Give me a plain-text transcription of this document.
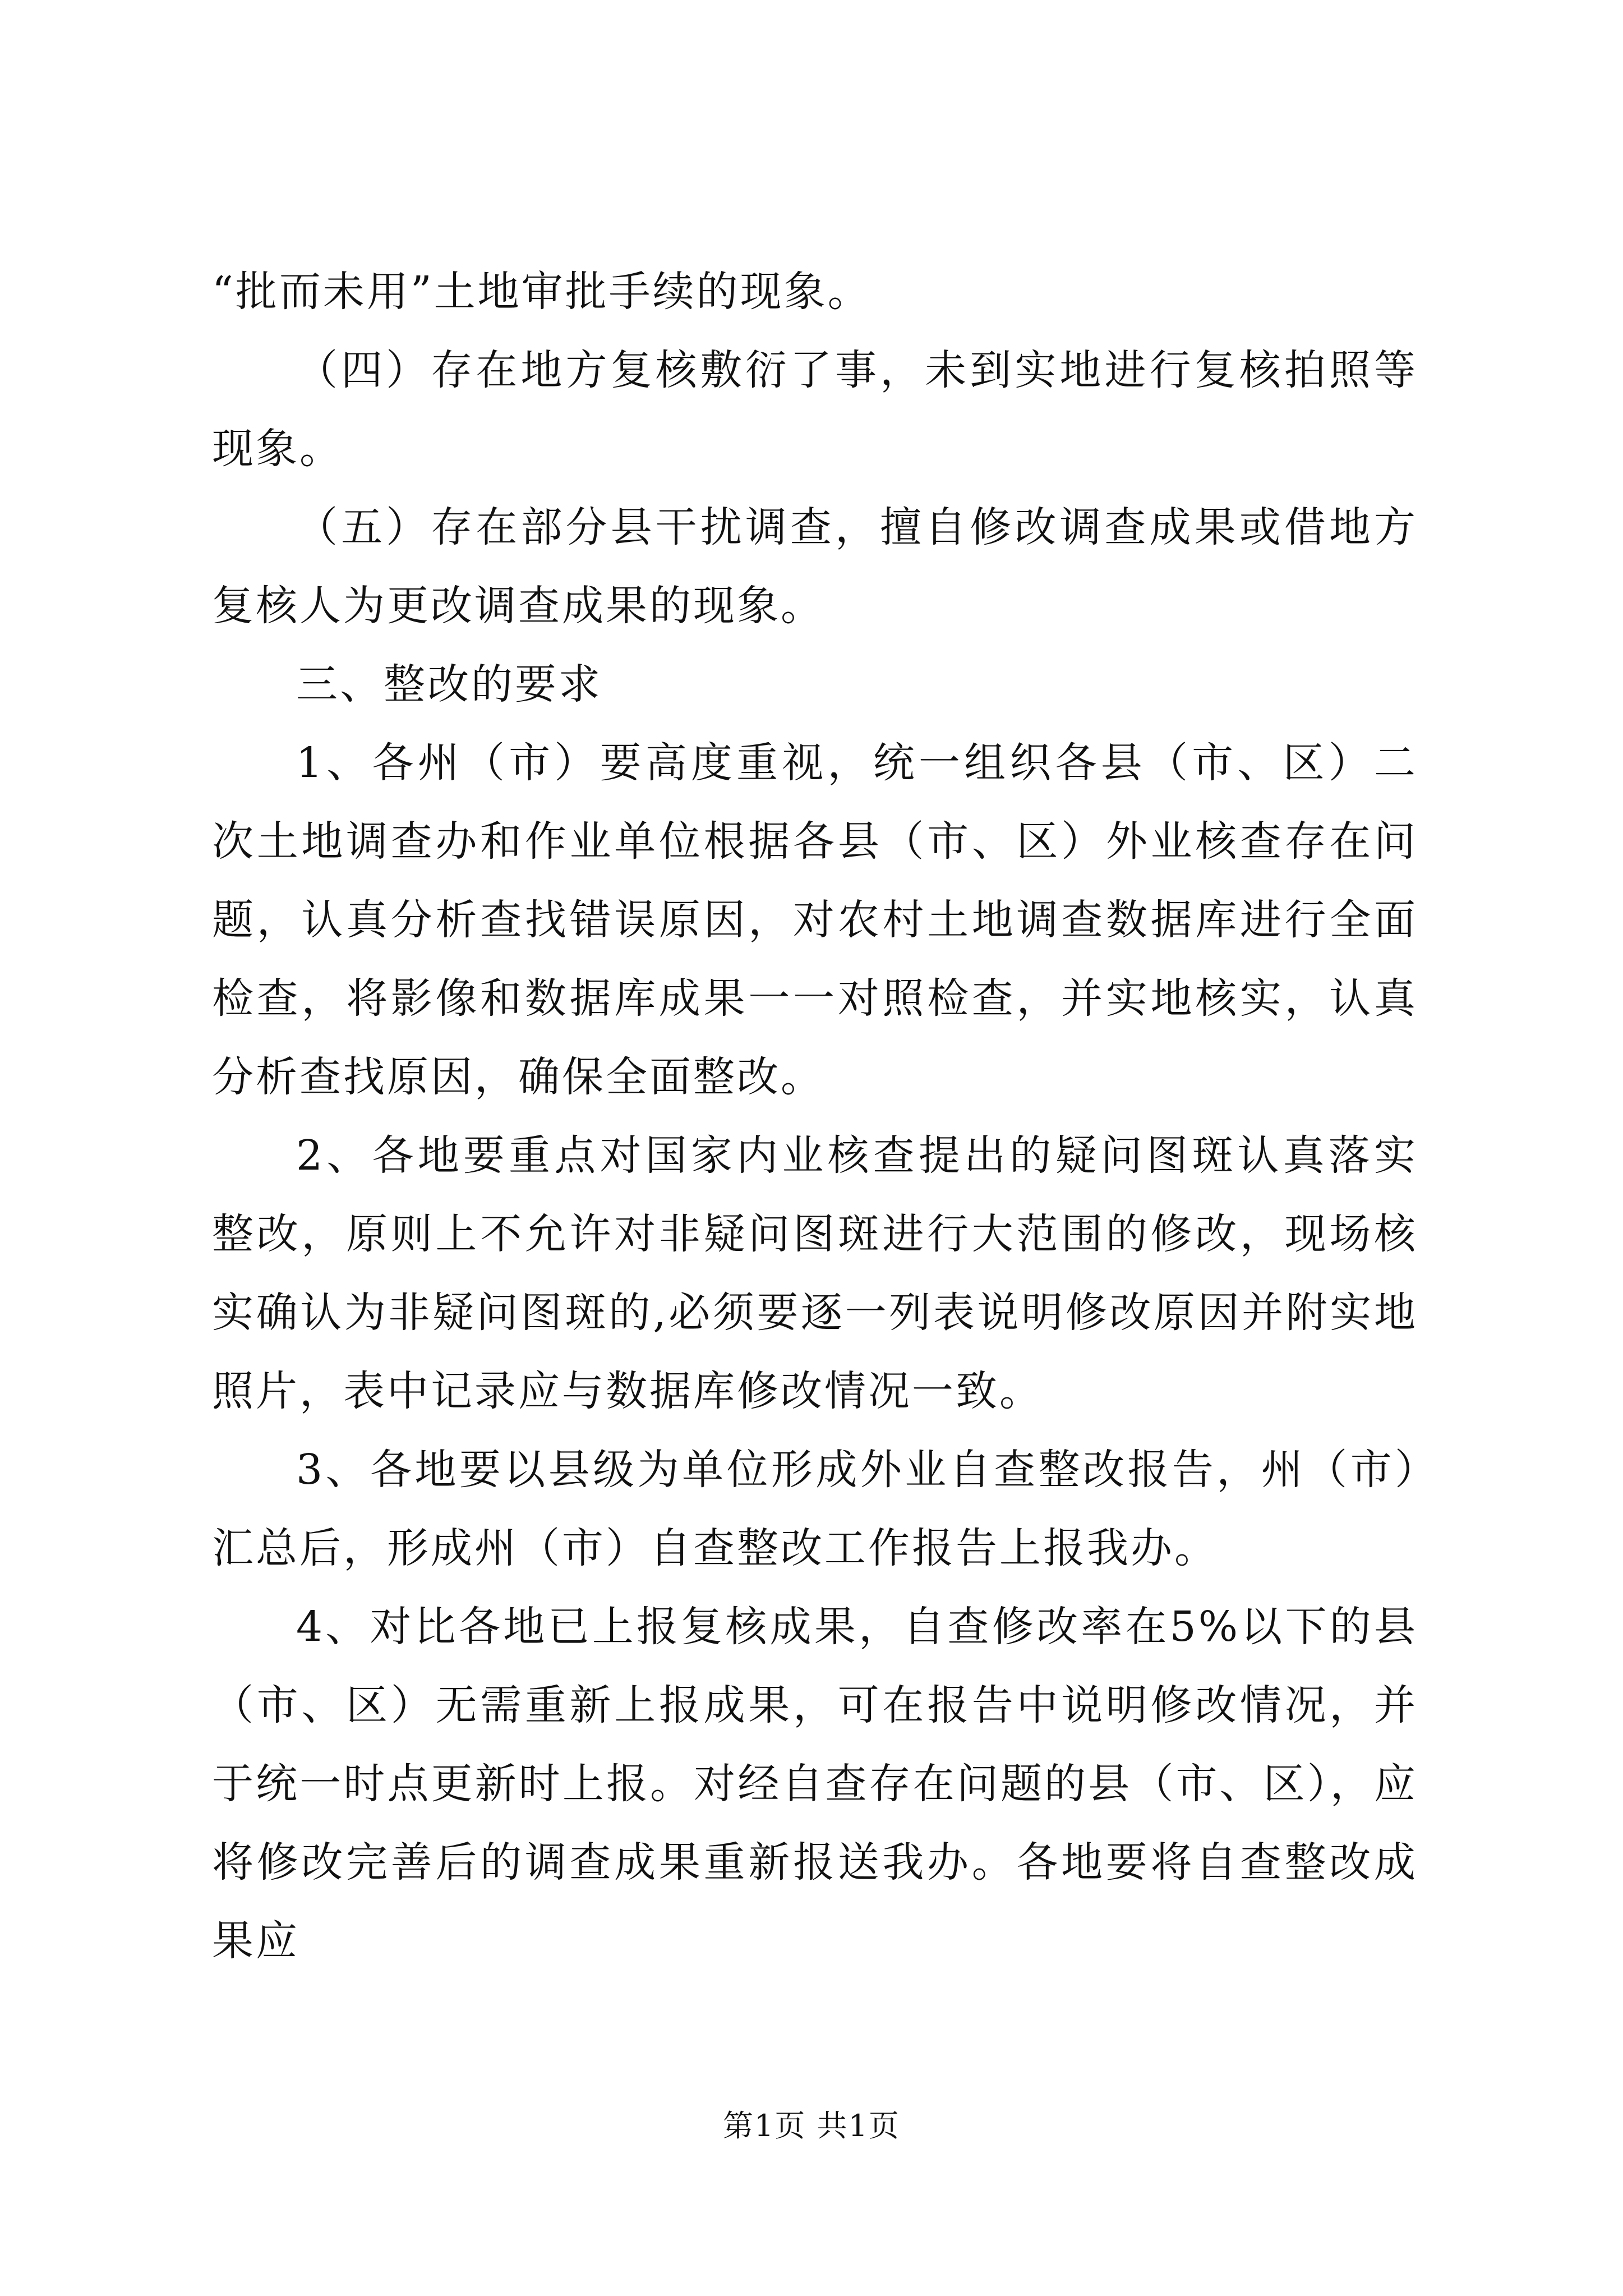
“批而未用”土地审批手续的现象。

（四）存在地方复核敷衍了事，未到实地进行复核拍照等现象。

（五）存在部分县干扰调查，擅自修改调查成果或借地方复核人为更改调查成果的现象。

三、整改的要求

1、各州（市）要高度重视，统一组织各县（市、区）二次土地调查办和作业单位根据各县（市、区）外业核查存在问题，认真分析查找错误原因，对农村土地调查数据库进行全面检查，将影像和数据库成果一一对照检查，并实地核实，认真分析查找原因，确保全面整改。

2、各地要重点对国家内业核查提出的疑问图斑认真落实整改，原则上不允许对非疑问图斑进行大范围的修改，现场核实确认为非疑问图斑的,必须要逐一列表说明修改原因并附实地照片，表中记录应与数据库修改情况一致。

3、各地要以县级为单位形成外业自查整改报告，州（市）汇总后，形成州（市）自查整改工作报告上报我办。

4、对比各地已上报复核成果，自查修改率在5%以下的县（市、区）无需重新上报成果，可在报告中说明修改情况，并于统一时点更新时上报。对经自查存在问题的县（市、区），应将修改完善后的调查成果重新报送我办。各地要将自查整改成果应

第1页 共1页
